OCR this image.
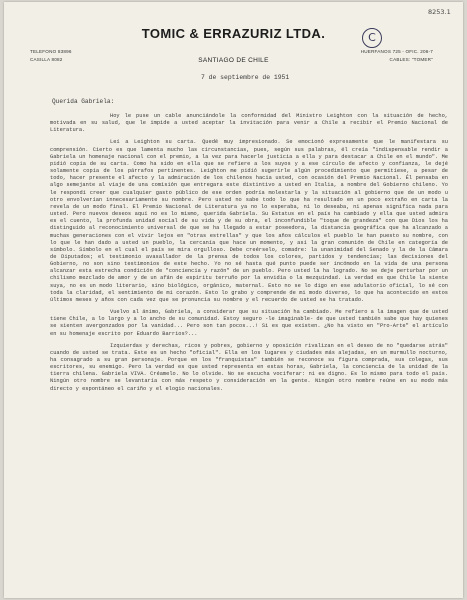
8253.1
C
TOMIC & ERRAZURIZ LTDA.
TELEFONO 83896
CASILLA 8082
HUERFANOS 725 - OFIC. 206-7
CABLES: "TOMER"
SANTIAGO DE CHILE
7 de septiembre de 1951
Querida Gabriela:

Hoy le puse un cable anunciándole la conformidad del Ministro Leighton con la situación de hecho, motivada en su salud, que le impide a usted aceptar la invitación para venir a Chile a recibir el Premio Nacional de Literatura.

Leí a Leighton su carta. Quedé muy impresionado. Se emocionó expresamente que le manifestara su comprensión. Cierto es que lamenta mucho las circunstancias, pues, según sus palabras, él creía "indispensable rendir a Gabriela un homenaje nacional con el premio, a la vez para hacerle justicia a ella y para destacar a Chile en el mundo". Me pidió copia de su carta. Como ha sido en ella que se refiere a los suyos y a ese círculo de afecto y confianza, le dejé solamente copia de los párrafos pertinentes. Leighton me pidió sugerirle algún procedimiento que permitiese, a pesar de todo, hacer presente el afecto y la admiración de los chilenos hacia usted, con ocasión del Premio Nacional. Él pensaba en algo semejante al viaje de una comisión que entregara este distintivo a usted en Italia, a nombre del Gobierno chileno. Yo le respondí creer que cualquier gasto público de ese orden podría molestarla y la situación al gobierno que de un modo u otro envolverían innecesariamente su nombre. Pero usted no sabe todo lo que ha resultado en un poco extraño en carta la revela de un modo final. El Premio Nacional de Literatura ya no lo esperaba, ni lo deseaba, ni apenas significa nada para usted. Pero nuevos deseos aquí no es lo mismo, querida Gabriela. Su Estatus en el país ha cambiado y ella que usted admira es el cuento, la profunda unidad social de su vida y de su obra, el inconfundible "toque de grandeza" con que Dios los ha distinguido al reconocimiento universal de que se ha llegado a estar poseedora, la distancia geográfica que ha alcanzado a muchas generaciones con el vivir lejos en "otras estrellas" y que los años cálculos el pueblo le han puesto su nombre, con lo que le han dado a usted un pueblo, la cercanía que hace un momento, y así la gran comunión de Chile en categoría de símbolo. Símbolo en el cual el país se mira orgulloso. Debe creérselo, comadre: la unanimidad del Senado y la de la Cámara de Diputados; el testimonio avasallador de la prensa de todos los colores, partidos y tendencias; las decisiones del Gobierno, no son sino testimonios de este hecho. Yo no sé hasta qué punto puede ser incómodo en la vida de una persona alcanzar esta estrecha condición de "conciencia y razón" de un pueblo. Pero usted la ha logrado. No se deje perturbar por un chilismo mezclado de amor y de un afán de espíritu terruño por la envidia o la mezquindad. La verdad es que Chile la siente suya, no es un modo literario, sino biológico, orgánico, maternal. Esto no se lo digo en ese adulatorio oficial, lo sé con toda la claridad, el sentimiento de mi corazón. Esto lo grabo y comprende de mi modo diverso, lo que ha acontecido en estos últimos meses y años con cada vez que se pronuncia su nombre y el recuerdo de usted se ha tratado.

Vuelvo al ánimo, Gabriela, a considerar que su situación ha cambiado. Me refiero a la imagen que de usted tiene Chile, a lo largo y a lo ancho de su comunidad. Estoy seguro -le imaginable- de que usted también sabe que hay quienes se sienten avergonzados por la vanidad... Pero son tan pocos...! Si es que existen. ¿No ha visto en "Pro-Arte" el artículo en su homenaje escrito por Eduardo Barrios?...

Izquierdas y derechas, ricos y pobres, gobierno y oposición rivalizan en el deseo de no "quedarse atrás" cuando de usted se trata. Este es un hecho "oficial". Ella en los lugares y ciudades más alejadas, en un murmullo nocturno, ha consagrado a su gran personaje. Porque en los "franquistas" también se reconoce su figura comprada, sus colegas, sus escritores, su enemigo. Pero la verdad es que usted representa en estas horas, Gabriela, la conciencia de la unidad de la tierra chilena. Gabriela VIVA. Créamelo. No lo olvide. No se escucha vociferar: ni es digno. Es lo mismo para todo el país. Ningún otro nombre se levantaría con más respeto y consideración en la gente. Ningún otro nombre reúne en su modo más directo y espontáneo el cariño y el elogio nacionales.
